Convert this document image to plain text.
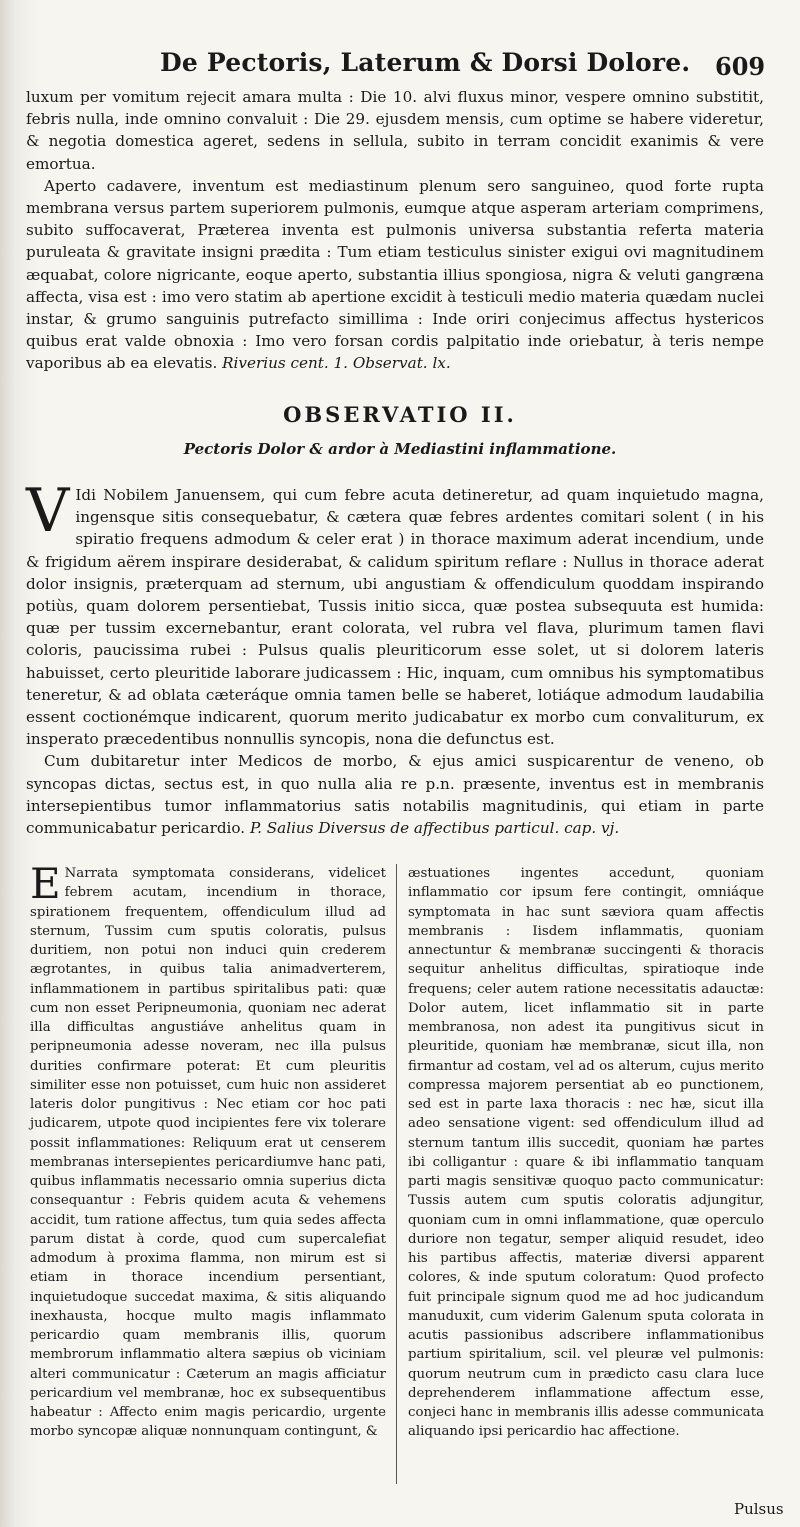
De Pectoris, Laterum & Dorsi Dolore. 609

luxum per vomitum rejecit amara multa : Die 10. alvi fluxus minor, vespere omnino substitit, febris nulla, inde omnino convaluit : Die 29. ejusdem mensis, cum optime se habere videretur, & negotia domestica ageret, sedens in sellula, subito in terram concidit exanimis & vere emortua.

Aperto cadavere, inventum est mediastinum plenum sero sanguineo, quod forte rupta membrana versus partem superiorem pulmonis, eumque atque asperam arteriam comprimens, subito suffocaverat, Præterea inventa est pulmonis universa substantia referta materia puruleata & gravitate insigni prædita : Tum etiam testiculus sinister exigui ovi magnitudinem æquabat, colore nigricante, eoque aperto, substantia illius spongiosa, nigra & veluti gangræna affecta, visa est : imo vero statim ab apertione excidit à testiculi medio materia quædam nuclei instar, & grumo sanguinis putrefacto simillima : Inde oriri conjecimus affectus hystericos quibus erat valde obnoxia : Imo vero forsan cordis palpitatio inde oriebatur, à teris nempe vaporibus ab ea elevatis. Riverius cent. 1. Observat. lx.

OBSERVATIO II.
Pectoris Dolor & ardor à Mediastini inflammatione.

V Idi Nobilem Januensem, qui cum febre acuta detineretur, ad quam inquietudo magna, ingensque sitis consequebatur, & cætera quæ febres ardentes comitari solent ( in his spiratio frequens admodum & celer erat ) in thorace maximum aderat incendium, unde & frigidum aërem inspirare desiderabat, & calidum spiritum reflare : Nullus in thorace aderat dolor insignis, præterquam ad sternum, ubi angustiam & offendiculum quoddam inspirando potiùs, quam dolorem persentiebat, Tussis initio sicca, quæ postea subsequuta est humida: quæ per tussim excernebantur, erant colorata, vel rubra vel flava, plurimum tamen flavi coloris, paucissima rubei : Pulsus qualis pleuriticorum esse solet, ut si dolorem lateris habuisset, certo pleuritide laborare judicassem : Hic, inquam, cum omnibus his symptomatibus teneretur, & ad oblata cæteráque omnia tamen belle se haberet, lotiáque admodum laudabilia essent coctionémque indicarent, quorum merito judicabatur ex morbo cum convaliturum, ex insperato præcedentibus nonnullis syncopis, nona die defunctus est.

Cum dubitaretur inter Medicos de morbo, & ejus amici suspicarentur de veneno, ob syncopas dictas, sectus est, in quo nulla alia re p.n. præsente, inventus est in membranis intersepientibus tumor inflammatorius satis notabilis magnitudinis, qui etiam in parte communicabatur pericardio. P. Salius Diversus de affectibus particul. cap. vj.

E Narrata symptomata considerans, videlicet febrem acutam, incendium in thorace, spirationem frequentem, offendiculum illud ad sternum, Tussim cum sputis coloratis, pulsus duritiem, non potui non induci quin crederem ægrotantes, in quibus talia animadverterem, inflammationem in partibus spiritalibus pati: quæ cum non esset Peripneumonia, quoniam nec aderat illa difficultas angustiáve anhelitus quam in peripneumonia adesse noveram, nec illa pulsus durities confirmare poterat: Et cum pleuritis similiter esse non potuisset, cum huic non assideret lateris dolor pungitivus : Nec etiam cor hoc pati judicarem, utpote quod incipientes fere vix tolerare possit inflammationes: Reliquum erat ut censerem membranas intersepientes pericardiumve hanc pati, quibus inflammatis necessario omnia superius dicta consequantur : Febris quidem acuta & vehemens accidit, tum ratione affectus, tum quia sedes affecta parum distat à corde, quod cum supercalefiat admodum à proxima flamma, non mirum est si etiam in thorace incendium persentiant, inquietudoque succedat maxima, & sitis aliquando inexhausta, hocque multo magis inflammato pericardio quam membranis illis, quorum membrorum inflammatio altera sæpius ob viciniam alteri communicatur : Cæterum an magis afficiatur pericardium vel membranæ, hoc ex subsequentibus habeatur : Affecto enim magis pericardio, urgente morbo syncopæ aliquæ nonnunquam contingunt, &

æstuationes ingentes accedunt, quoniam inflammatio cor ipsum fere contingit, omniáque symptomata in hac sunt sæviora quam affectis membranis : Iisdem inflammatis, quoniam annectuntur & membranæ succingenti & thoracis sequitur anhelitus difficultas, spiratioque inde frequens; celer autem ratione necessitatis adauctæ: Dolor autem, licet inflammatio sit in parte membranosa, non adest ita pungitivus sicut in pleuritide, quoniam hæ membranæ, sicut illa, non firmantur ad costam, vel ad os alterum, cujus merito compressa majorem persentiat ab eo punctionem, sed est in parte laxa thoracis : nec hæ, sicut illa adeo sensatione vigent: sed offendiculum illud ad sternum tantum illis succedit, quoniam hæ partes ibi colligantur : quare & ibi inflammatio tanquam parti magis sensitivæ quoquo pacto communicatur: Tussis autem cum sputis coloratis adjungitur, quoniam cum in omni inflammatione, quæ operculo duriore non tegatur, semper aliquid resudet, ideo his partibus affectis, materiæ diversi apparent colores, & inde sputum coloratum: Quod profecto fuit principale signum quod me ad hoc judicandum manuduxit, cum viderim Galenum sputa colorata in acutis passionibus adscribere inflammationibus partium spiritalium, scil. vel pleuræ vel pulmonis: quorum neutrum cum in prædicto casu clara luce deprehenderem inflammatione affectum esse, conjeci hanc in membranis illis adesse communicata aliquando ipsi pericardio hac affectione.

Pulsus
